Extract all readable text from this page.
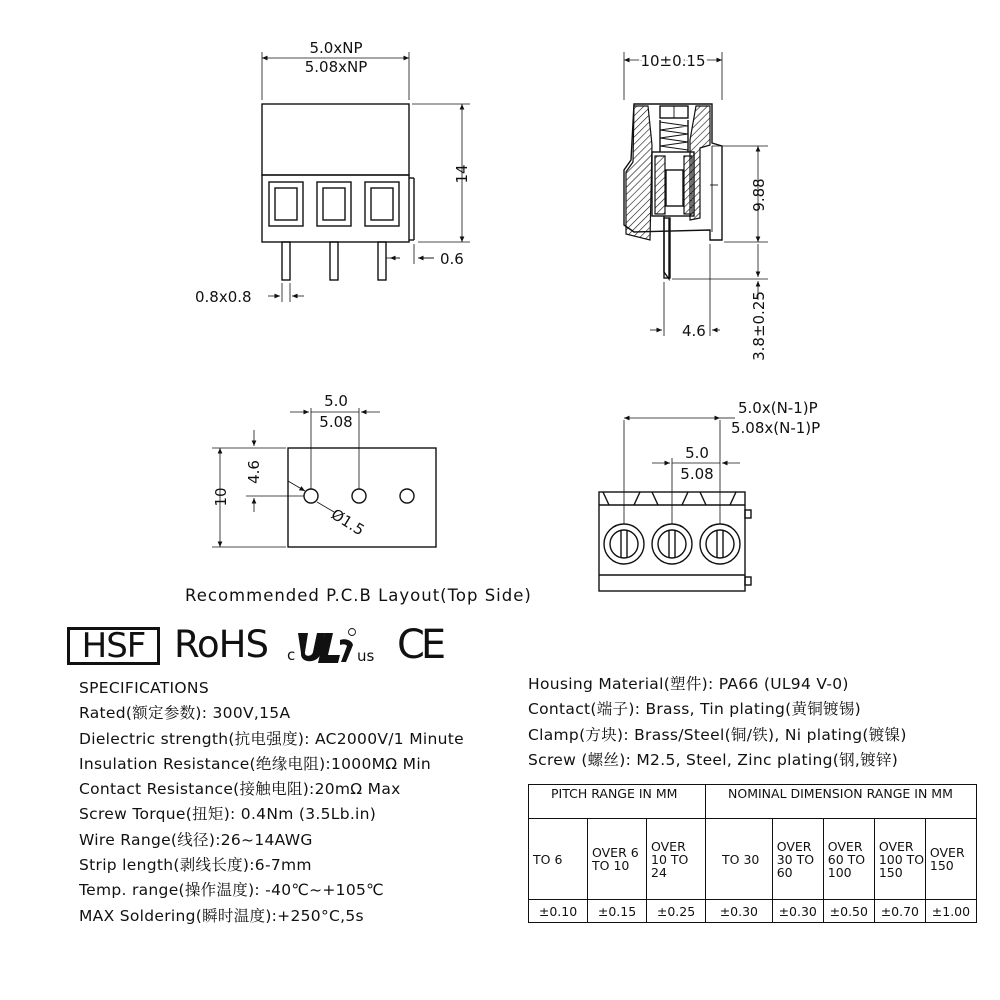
5.0xNP
5.08xNP
14
0.6
0.8x0.8
10±0.15
9.88
3.8±0.25
4.6
5.0
5.08
4.6
10
Ø1.5
Recommended P.C.B Layout(Top Side)
5.0x(N-1)P
5.08x(N-1)P
5.0
5.08
c	us
HSF RoHS	CE
SPECIFICATIONS
Rated(额定参数): 300V,15A
Dielectric strength(抗电强度): AC2000V/1 Minute
Insulation Resistance(绝缘电阻):1000MΩ Min
Contact Resistance(接触电阻):20mΩ Max
Screw Torque(扭矩): 0.4Nm (3.5Lb.in)
Wire Range(线径):26~14AWG
Strip length(剥线长度):6-7mm
Temp. range(操作温度): -40℃~+105℃
MAX Soldering(瞬时温度):+250°C,5s
Housing Material(塑件): PA66 (UL94 V-0)
Contact(端子): Brass, Tin plating(黄铜镀锡)
Clamp(方块): Brass/Steel(铜/铁), Ni plating(镀镍)
Screw (螺丝): M2.5, Steel, Zinc plating(钢,镀锌)
PITCH RANGE IN MM			NOMINAL DIMENSION RANGE IN MM				
TO 6	OVER 6 TO 10	OVER 10 TO 24	TO 30	OVER 30 TO 60	OVER 60 TO 100	OVER 100 TO 150	OVER 150
±0.10	±0.15	±0.25	±0.30	±0.30	±0.50	±0.70	±1.00
